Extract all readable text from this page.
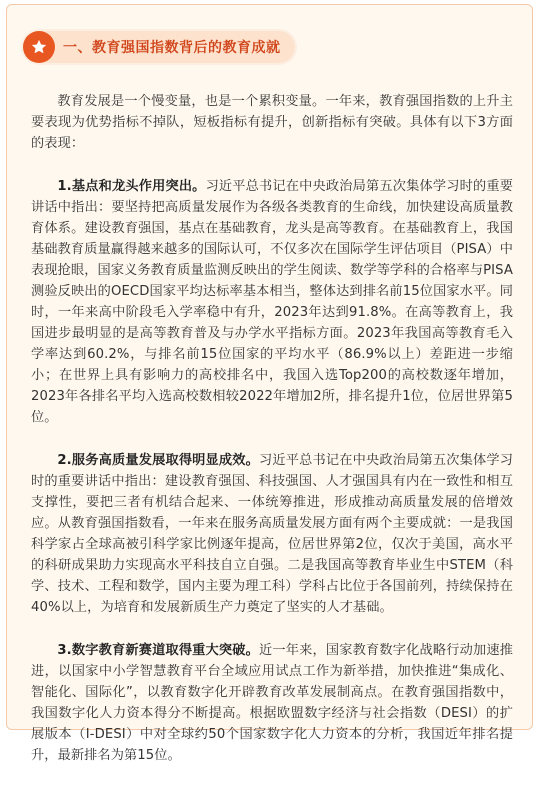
一、教育强国指数背后的教育成就

教育发展是一个慢变量，也是一个累积变量。一年来，教育强国指数的上升主要表现为优势指标不掉队，短板指标有提升，创新指标有突破。具体有以下3方面的表现：

1.基点和龙头作用突出。习近平总书记在中央政治局第五次集体学习时的重要讲话中指出：要坚持把高质量发展作为各级各类教育的生命线，加快建设高质量教育体系。建设教育强国，基点在基础教育，龙头是高等教育。在基础教育上，我国基础教育质量赢得越来越多的国际认可，不仅多次在国际学生评估项目（PISA）中表现抢眼，国家义务教育质量监测反映出的学生阅读、数学等学科的合格率与PISA测验反映出的OECD国家平均达标率基本相当，整体达到排名前15位国家水平。同时，一年来高中阶段毛入学率稳中有升，2023年达到91.8%。在高等教育上，我国进步最明显的是高等教育普及与办学水平指标方面。2023年我国高等教育毛入学率达到60.2%，与排名前15位国家的平均水平（86.9%以上）差距进一步缩小；在世界上具有影响力的高校排名中，我国入选Top200的高校数逐年增加，2023年各排名平均入选高校数相较2022年增加2所，排名提升1位，位居世界第5位。

2.服务高质量发展取得明显成效。习近平总书记在中央政治局第五次集体学习时的重要讲话中指出：建设教育强国、科技强国、人才强国具有内在一致性和相互支撑性，要把三者有机结合起来、一体统筹推进，形成推动高质量发展的倍增效应。从教育强国指数看，一年来在服务高质量发展方面有两个主要成就：一是我国科学家占全球高被引科学家比例逐年提高，位居世界第2位，仅次于美国，高水平的科研成果助力实现高水平科技自立自强。二是我国高等教育毕业生中STEM（科学、技术、工程和数学，国内主要为理工科）学科占比位于各国前列，持续保持在40%以上，为培育和发展新质生产力奠定了坚实的人才基础。

3.数字教育新赛道取得重大突破。近一年来，国家教育数字化战略行动加速推进，以国家中小学智慧教育平台全域应用试点工作为新举措，加快推进“集成化、智能化、国际化”，以教育数字化开辟教育改革发展制高点。在教育强国指数中，我国数字化人力资本得分不断提高。根据欧盟数字经济与社会指数（DESI）的扩展版本（I-DESI）中对全球约50个国家数字化人力资本的分析，我国近年排名提升，最新排名为第15位。
